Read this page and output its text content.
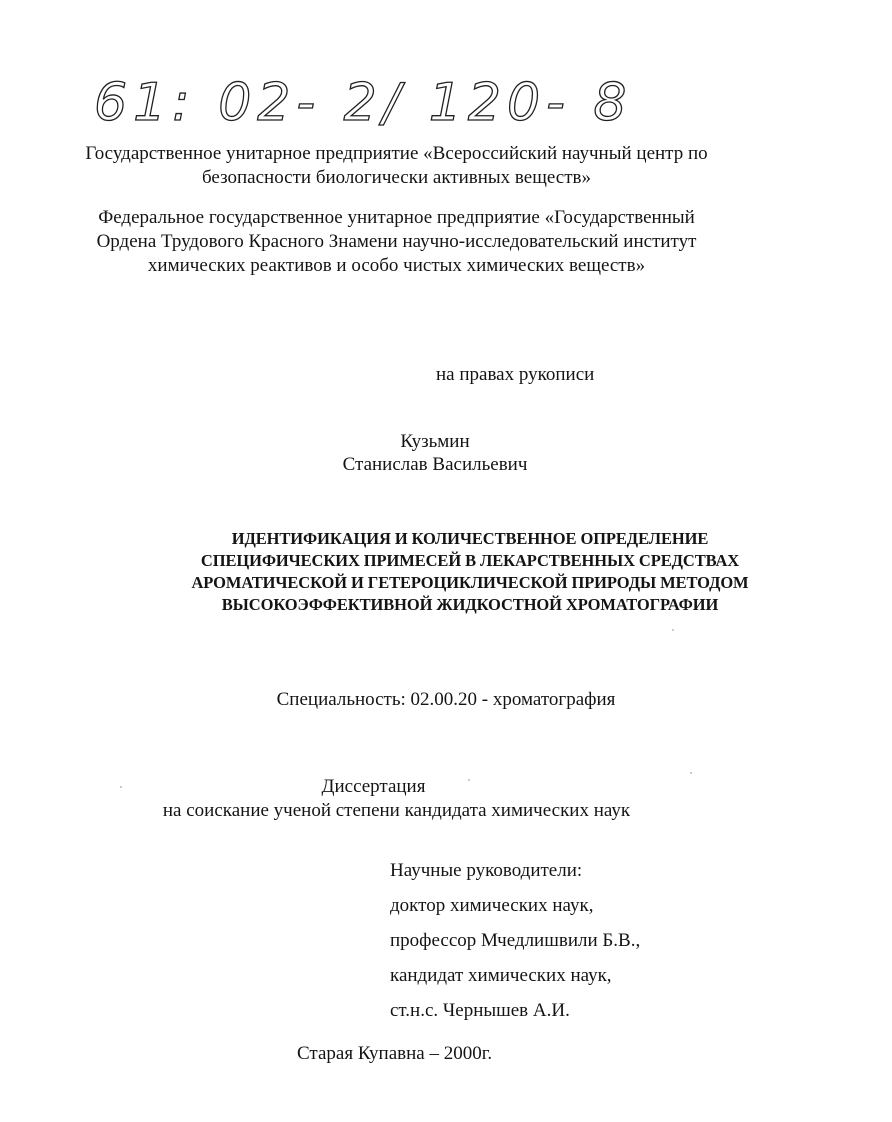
61: 02- 2/ 120- 8
Государственное унитарное предприятие «Всероссийский научный центр по
безопасности биологически активных веществ»
Федеральное государственное унитарное предприятие «Государственный
Ордена Трудового Красного Знамени научно-исследовательский институт
химических реактивов и особо чистых химических веществ»
на правах рукописи
Кузьмин
Станислав Васильевич
ИДЕНТИФИКАЦИЯ И КОЛИЧЕСТВЕННОЕ ОПРЕДЕЛЕНИЕ
СПЕЦИФИЧЕСКИХ ПРИМЕСЕЙ В ЛЕКАРСТВЕННЫХ СРЕДСТВАХ
АРОМАТИЧЕСКОЙ И ГЕТЕРОЦИКЛИЧЕСКОЙ ПРИРОДЫ МЕТОДОМ
ВЫСОКОЭФФЕКТИВНОЙ ЖИДКОСТНОЙ ХРОМАТОГРАФИИ
Специальность: 02.00.20 - хроматография
Диссертация
на соискание ученой степени кандидата химических наук
Научные руководители:
доктор химических наук,
профессор Мчедлишвили Б.В.,
кандидат химических наук,
ст.н.с. Чернышев А.И.
Старая Купавна – 2000г.
